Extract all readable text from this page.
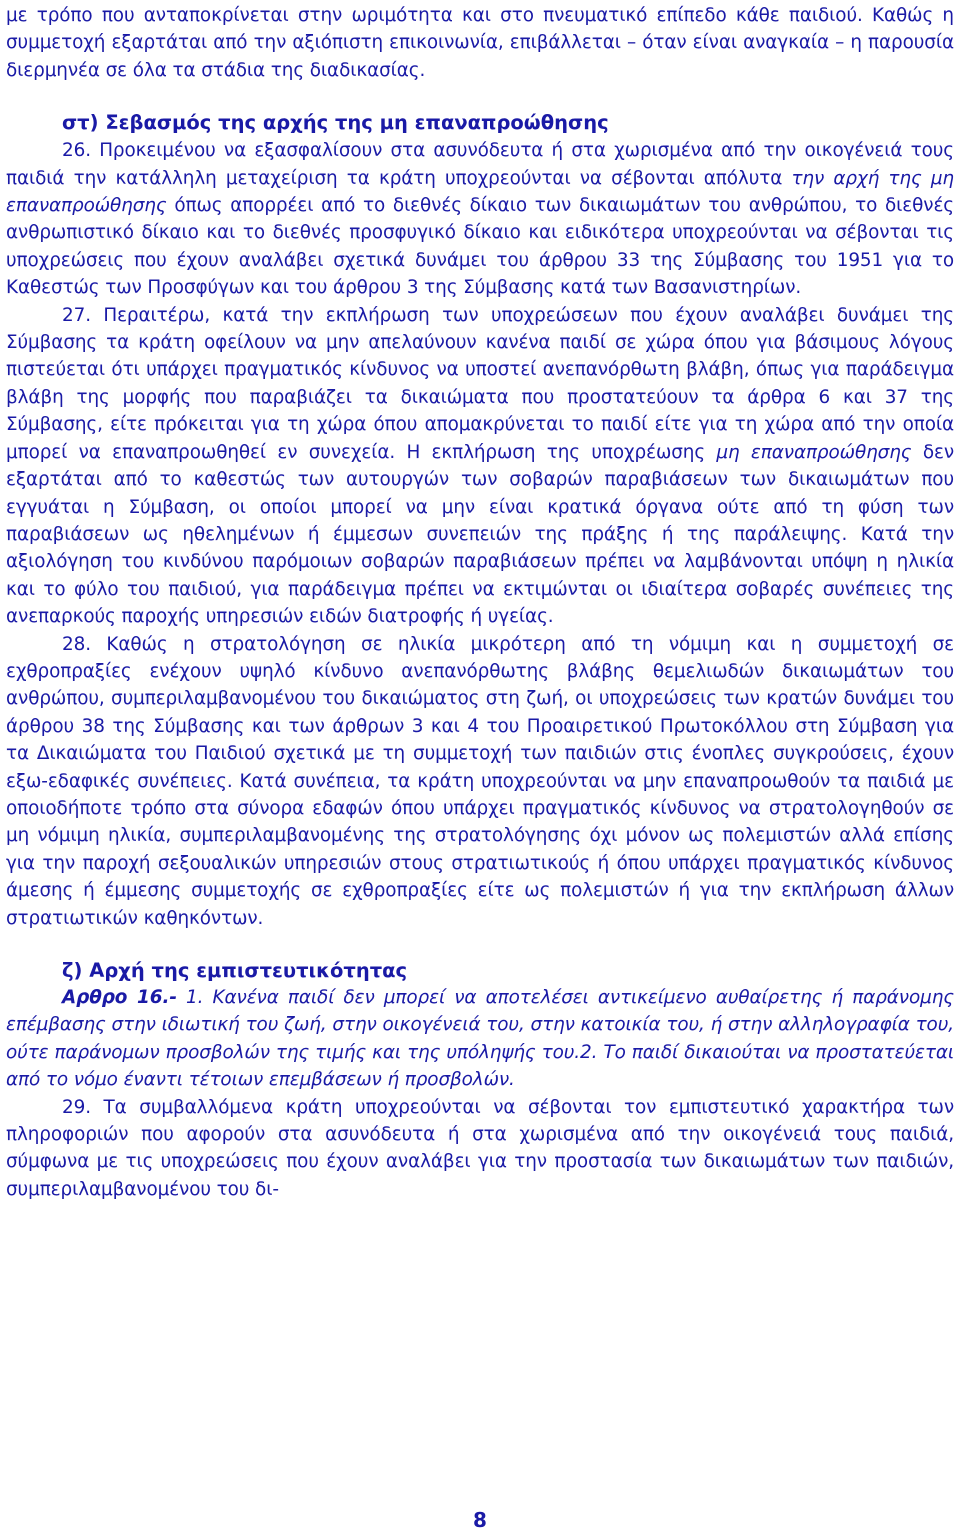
με τρόπο που ανταποκρίνεται στην ωριμότητα και στο πνευματικό επίπεδο κάθε παιδιού. Καθώς η συμμετοχή εξαρτάται από την αξιόπιστη επικοινωνία, επιβάλλεται – όταν είναι αναγκαία – η παρουσία διερμηνέα σε όλα τα στάδια της διαδικασίας.

στ) Σεβασμός της αρχής της μη επαναπροώθησης

26. Προκειμένου να εξασφαλίσουν στα ασυνόδευτα ή στα χωρισμένα από την οικογένειά τους παιδιά την κατάλληλη μεταχείριση τα κράτη υποχρεούνται να σέβονται απόλυτα την αρχή της μη επαναπροώθησης όπως απορρέει από το διεθνές δίκαιο των δικαιωμάτων του ανθρώπου, το διεθνές ανθρωπιστικό δίκαιο και το διεθνές προσφυγικό δίκαιο και ειδικότερα υποχρεούνται να σέβονται τις υποχρεώσεις που έχουν αναλάβει σχετικά δυνάμει του άρθρου 33 της Σύμβασης του 1951 για το Καθεστώς των Προσφύγων και του άρθρου 3 της Σύμβασης κατά των Βασανιστηρίων.

27. Περαιτέρω, κατά την εκπλήρωση των υποχρεώσεων που έχουν αναλάβει δυνάμει της Σύμβασης τα κράτη οφείλουν να μην απελαύνουν κανένα παιδί σε χώρα όπου για βάσιμους λόγους πιστεύεται ότι υπάρχει πραγματικός κίνδυνος να υποστεί ανεπανόρθωτη βλάβη, όπως για παράδειγμα βλάβη της μορφής που παραβιάζει τα δικαιώματα που προστατεύουν τα άρθρα 6 και 37 της Σύμβασης, είτε πρόκειται για τη χώρα όπου απομακρύνεται το παιδί είτε για τη χώρα από την οποία μπορεί να επαναπροωθηθεί εν συνεχεία. Η εκπλήρωση της υποχρέωσης μη επαναπροώθησης δεν εξαρτάται από το καθεστώς των αυτουργών των σοβαρών παραβιάσεων των δικαιωμάτων που εγγυάται η Σύμβαση, οι οποίοι μπορεί να μην είναι κρατικά όργανα ούτε από τη φύση των παραβιάσεων ως ηθελημένων ή έμμεσων συνεπειών της πράξης ή της παράλειψης. Κατά την αξιολόγηση του κινδύνου παρόμοιων σοβαρών παραβιάσεων πρέπει να λαμβάνονται υπόψη η ηλικία και το φύλο του παιδιού, για παράδειγμα πρέπει να εκτιμώνται οι ιδιαίτερα σοβαρές συνέπειες της ανεπαρκούς παροχής υπηρεσιών ειδών διατροφής ή υγείας.

28. Καθώς η στρατολόγηση σε ηλικία μικρότερη από τη νόμιμη και η συμμετοχή σε εχθροπραξίες ενέχουν υψηλό κίνδυνο ανεπανόρθωτης βλάβης θεμελιωδών δικαιωμάτων του ανθρώπου, συμπεριλαμβανομένου του δικαιώματος στη ζωή, οι υποχρεώσεις των κρατών δυνάμει του άρθρου 38 της Σύμβασης και των άρθρων 3 και 4 του Προαιρετικού Πρωτοκόλλου στη Σύμβαση για τα Δικαιώματα του Παιδιού σχετικά με τη συμμετοχή των παιδιών στις ένοπλες συγκρούσεις, έχουν εξω-εδαφικές συνέπειες. Κατά συνέπεια, τα κράτη υποχρεούνται να μην επαναπροωθούν τα παιδιά με οποιοδήποτε τρόπο στα σύνορα εδαφών όπου υπάρχει πραγματικός κίνδυνος να στρατολογηθούν σε μη νόμιμη ηλικία, συμπεριλαμβανομένης της στρατολόγησης όχι μόνον ως πολεμιστών αλλά επίσης για την παροχή σεξουαλικών υπηρεσιών στους στρατιωτικούς ή όπου υπάρχει πραγματικός κίνδυνος άμεσης ή έμμεσης συμμετοχής σε εχθροπραξίες είτε ως πολεμιστών ή για την εκπλήρωση άλλων στρατιωτικών καθηκόντων.

ζ) Αρχή της εμπιστευτικότητας

Αρθρο 16.- 1. Κανένα παιδί δεν μπορεί να αποτελέσει αντικείμενο αυθαίρετης ή παράνομης επέμβασης στην ιδιωτική του ζωή, στην οικογένειά του, στην κατοικία του, ή στην αλληλογραφία του, ούτε παράνομων προσβολών της τιμής και της υπόληψής του.2. Το παιδί δικαιούται να προστατεύεται από το νόμο έναντι τέτοιων επεμβάσεων ή προσβολών.

29. Τα συμβαλλόμενα κράτη υποχρεούνται να σέβονται τον εμπιστευτικό χαρακτήρα των πληροφοριών που αφορούν στα ασυνόδευτα ή στα χωρισμένα από την οικογένειά τους παιδιά, σύμφωνα με τις υποχρεώσεις που έχουν αναλάβει για την προστασία των δικαιωμάτων των παιδιών, συμπεριλαμβανομένου του δι-

8
